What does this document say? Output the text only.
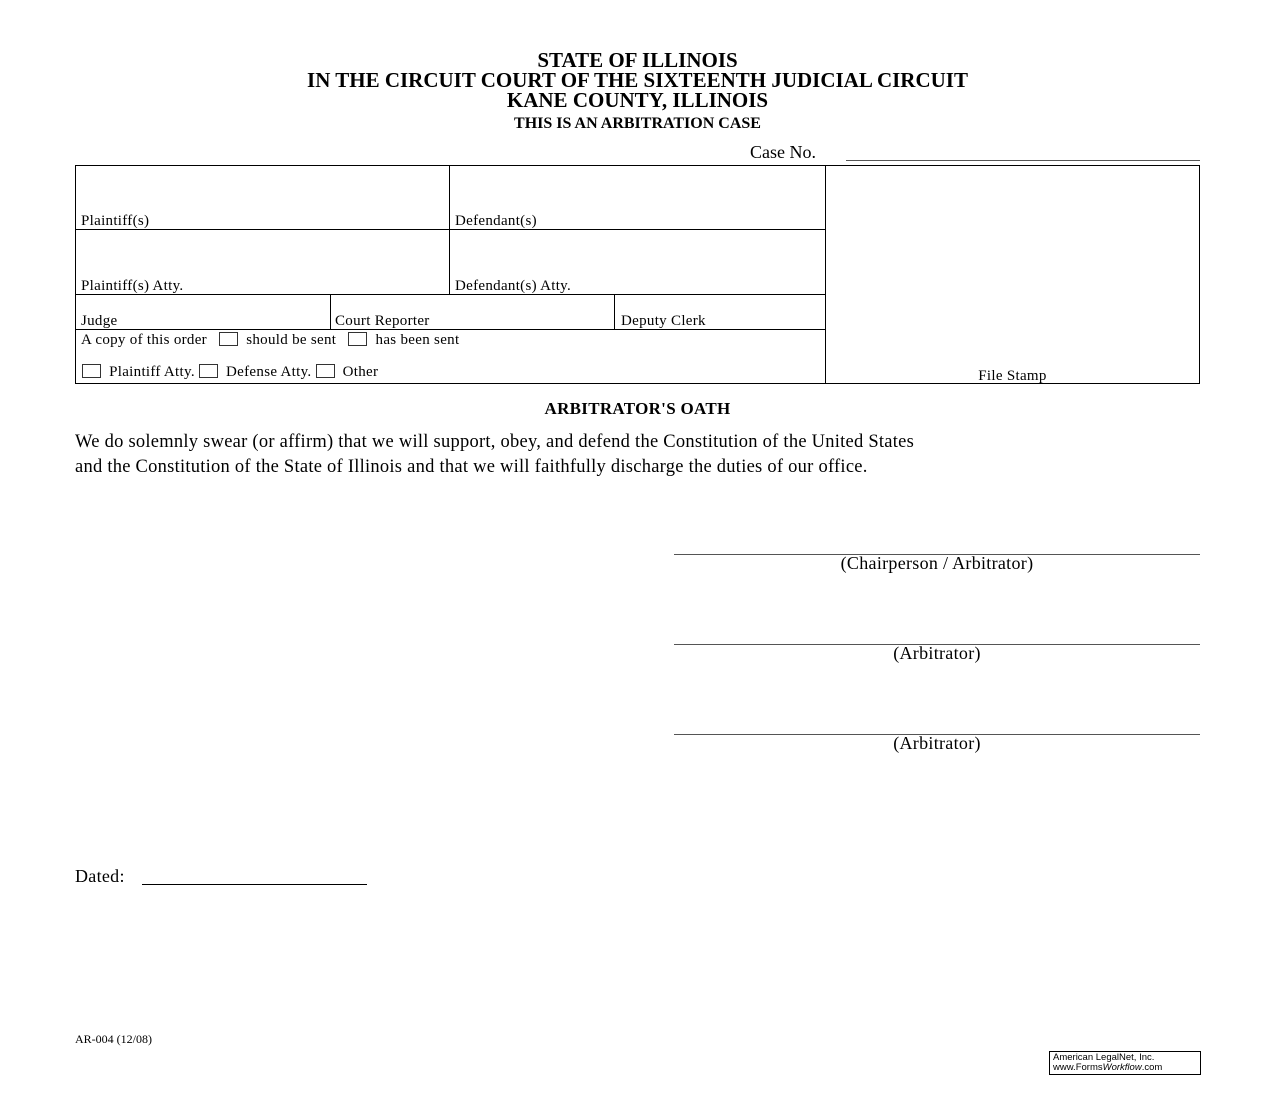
STATE OF ILLINOIS
IN THE CIRCUIT COURT OF THE SIXTEENTH JUDICIAL CIRCUIT
KANE COUNTY, ILLINOIS
THIS IS AN ARBITRATION CASE
Case No.
Plaintiff(s)	Defendant(s)
Plaintiff(s) Atty.	Defendant(s) Atty.
Judge	Court Reporter	Deputy Clerk
A copy of this order	should be sent	has been sent
Plaintiff Atty. Defense Atty. Other	File Stamp
ARBITRATOR'S OATH
We do solemnly swear (or affirm) that we will support, obey, and defend the Constitution of the United States
and the Constitution of the State of Illinois and that we will faithfully discharge the duties of our office.
(Chairperson / Arbitrator)
(Arbitrator)
(Arbitrator)
Dated:
AR-004 (12/08)
American LegalNet, Inc.
www.FormsWorkflow.com
